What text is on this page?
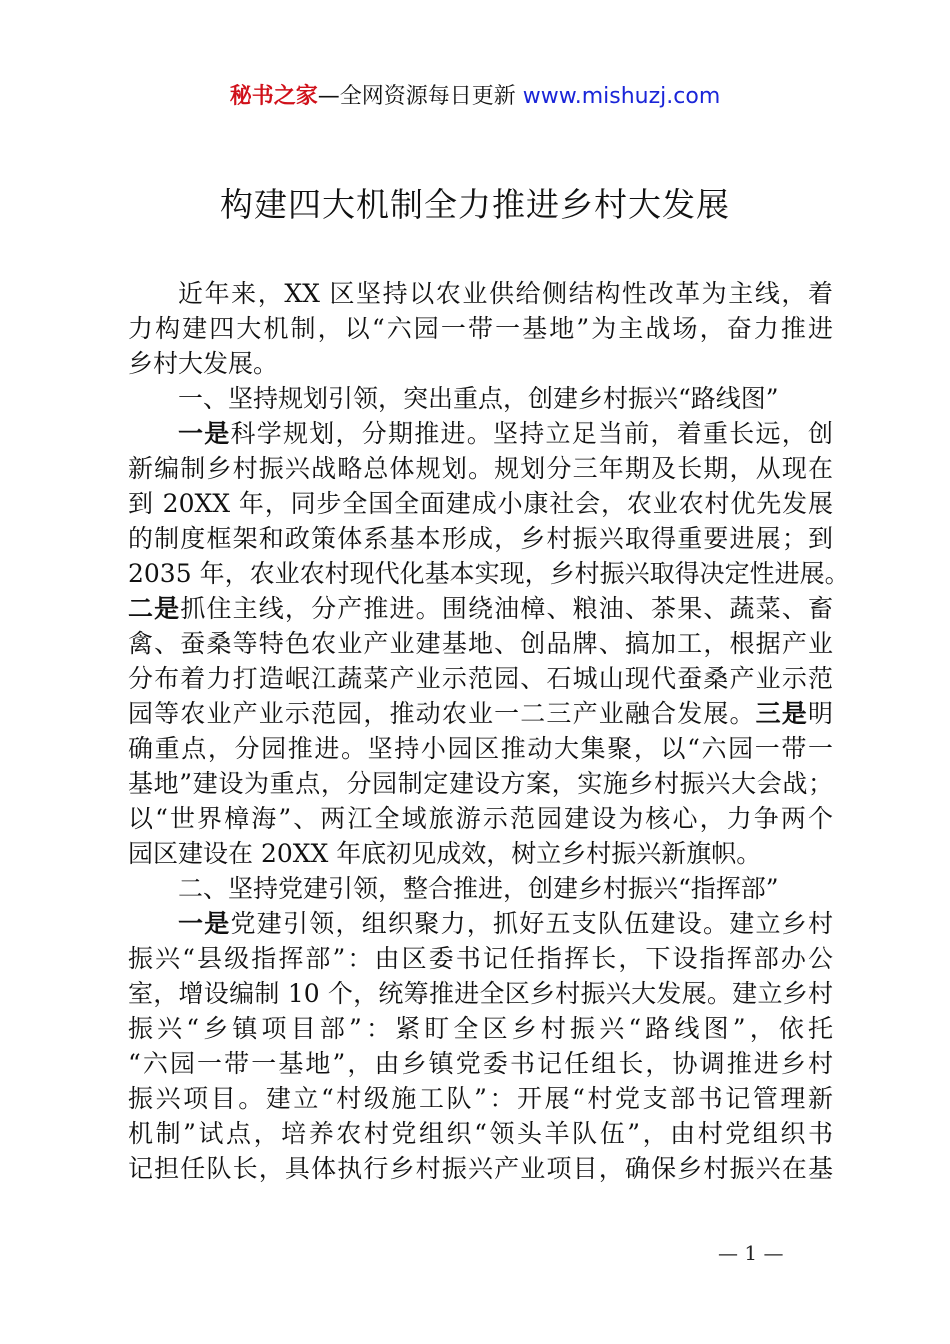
秘书之家—全网资源每日更新 www.mishuzj.com
构建四大机制全力推进乡村大发展
近年来，XX 区坚持以农业供给侧结构性改革为主线，着
力构建四大机制，以“六园一带一基地”为主战场，奋力推进
乡村大发展。
一、坚持规划引领，突出重点，创建乡村振兴“路线图”
一是科学规划，分期推进。坚持立足当前，着重长远，创
新编制乡村振兴战略总体规划。规划分三年期及长期，从现在
到 20XX 年，同步全国全面建成小康社会，农业农村优先发展
的制度框架和政策体系基本形成，乡村振兴取得重要进展；到
2035 年，农业农村现代化基本实现，乡村振兴取得决定性进展。
二是抓住主线，分产推进。围绕油樟、粮油、茶果、蔬菜、畜
禽、蚕桑等特色农业产业建基地、创品牌、搞加工，根据产业
分布着力打造岷江蔬菜产业示范园、石城山现代蚕桑产业示范
园等农业产业示范园，推动农业一二三产业融合发展。三是明
确重点，分园推进。坚持小园区推动大集聚，以“六园一带一
基地”建设为重点，分园制定建设方案，实施乡村振兴大会战；
以“世界樟海”、两江全域旅游示范园建设为核心，力争两个
园区建设在 20XX 年底初见成效，树立乡村振兴新旗帜。
二、坚持党建引领，整合推进，创建乡村振兴“指挥部”
一是党建引领，组织聚力，抓好五支队伍建设。建立乡村
振兴“县级指挥部”：由区委书记任指挥长，下设指挥部办公
室，增设编制 10 个，统筹推进全区乡村振兴大发展。建立乡村
振兴“乡镇项目部”：紧盯全区乡村振兴“路线图”，依托
“六园一带一基地”，由乡镇党委书记任组长，协调推进乡村
振兴项目。建立“村级施工队”：开展“村党支部书记管理新
机制”试点，培养农村党组织“领头羊队伍”，由村党组织书
记担任队长，具体执行乡村振兴产业项目，确保乡村振兴在基
— 1 —
